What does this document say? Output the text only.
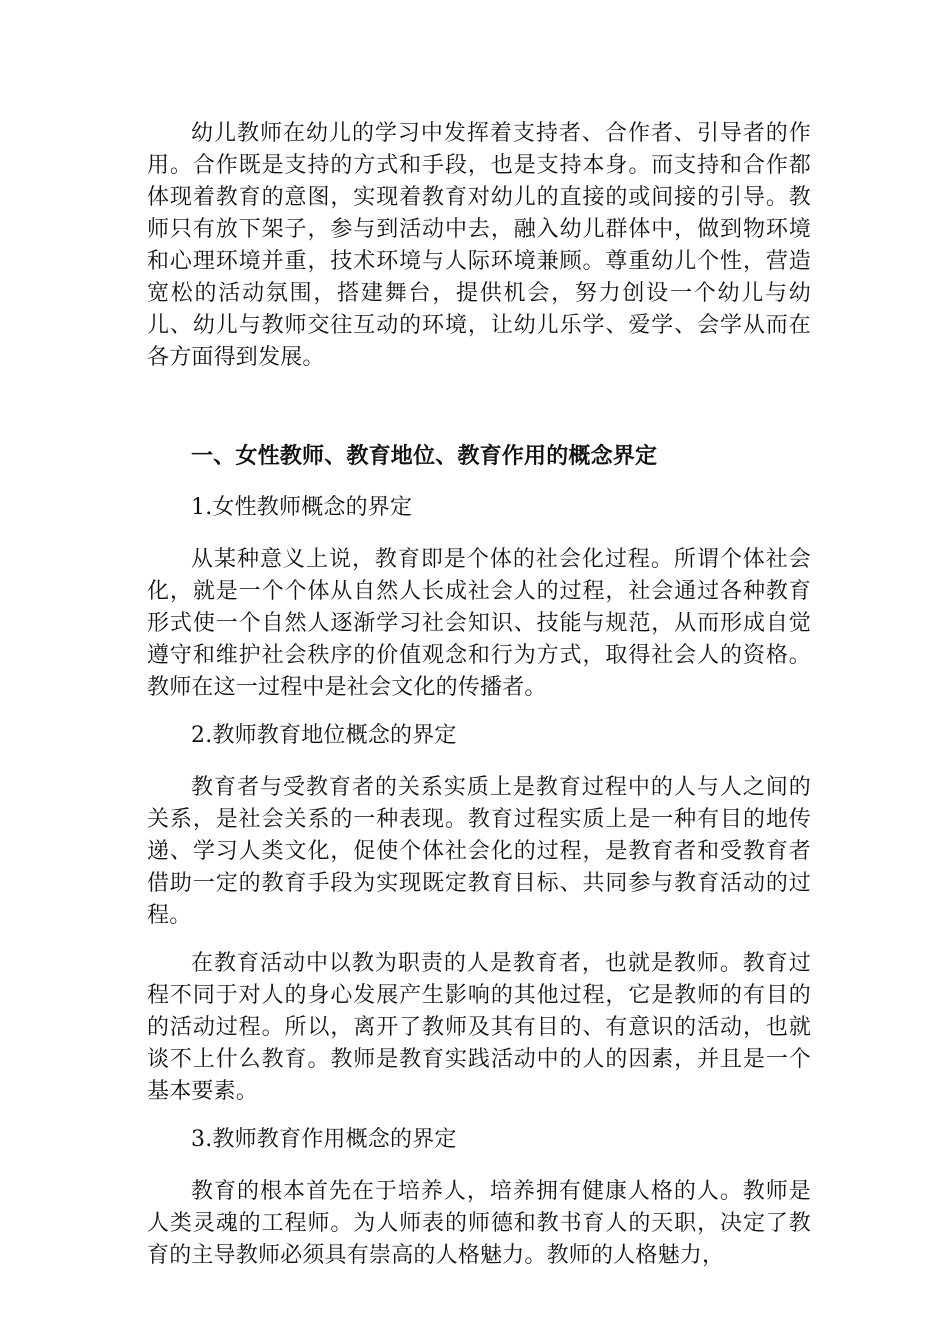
幼儿教师在幼儿的学习中发挥着支持者、合作者、引导者的作用。合作既是支持的方式和手段，也是支持本身。而支持和合作都体现着教育的意图，实现着教育对幼儿的直接的或间接的引导。教师只有放下架子，参与到活动中去，融入幼儿群体中，做到物环境和心理环境并重，技术环境与人际环境兼顾。尊重幼儿个性，营造宽松的活动氛围，搭建舞台，提供机会，努力创设一个幼儿与幼儿、幼儿与教师交往互动的环境，让幼儿乐学、爱学、会学从而在各方面得到发展。

一、女性教师、教育地位、教育作用的概念界定

1.女性教师概念的界定

从某种意义上说，教育即是个体的社会化过程。所谓个体社会化，就是一个个体从自然人长成社会人的过程，社会通过各种教育形式使一个自然人逐渐学习社会知识、技能与规范，从而形成自觉遵守和维护社会秩序的价值观念和行为方式，取得社会人的资格。教师在这一过程中是社会文化的传播者。

2.教师教育地位概念的界定

教育者与受教育者的关系实质上是教育过程中的人与人之间的关系，是社会关系的一种表现。教育过程实质上是一种有目的地传递、学习人类文化，促使个体社会化的过程，是教育者和受教育者借助一定的教育手段为实现既定教育目标、共同参与教育活动的过程。

在教育活动中以教为职责的人是教育者，也就是教师。教育过程不同于对人的身心发展产生影响的其他过程，它是教师的有目的的活动过程。所以，离开了教师及其有目的、有意识的活动，也就谈不上什么教育。教师是教育实践活动中的人的因素，并且是一个基本要素。

3.教师教育作用概念的界定

教育的根本首先在于培养人，培养拥有健康人格的人。教师是人类灵魂的工程师。为人师表的师德和教书育人的天职，决定了教育的主导教师必须具有崇高的人格魅力。教师的人格魅力，
